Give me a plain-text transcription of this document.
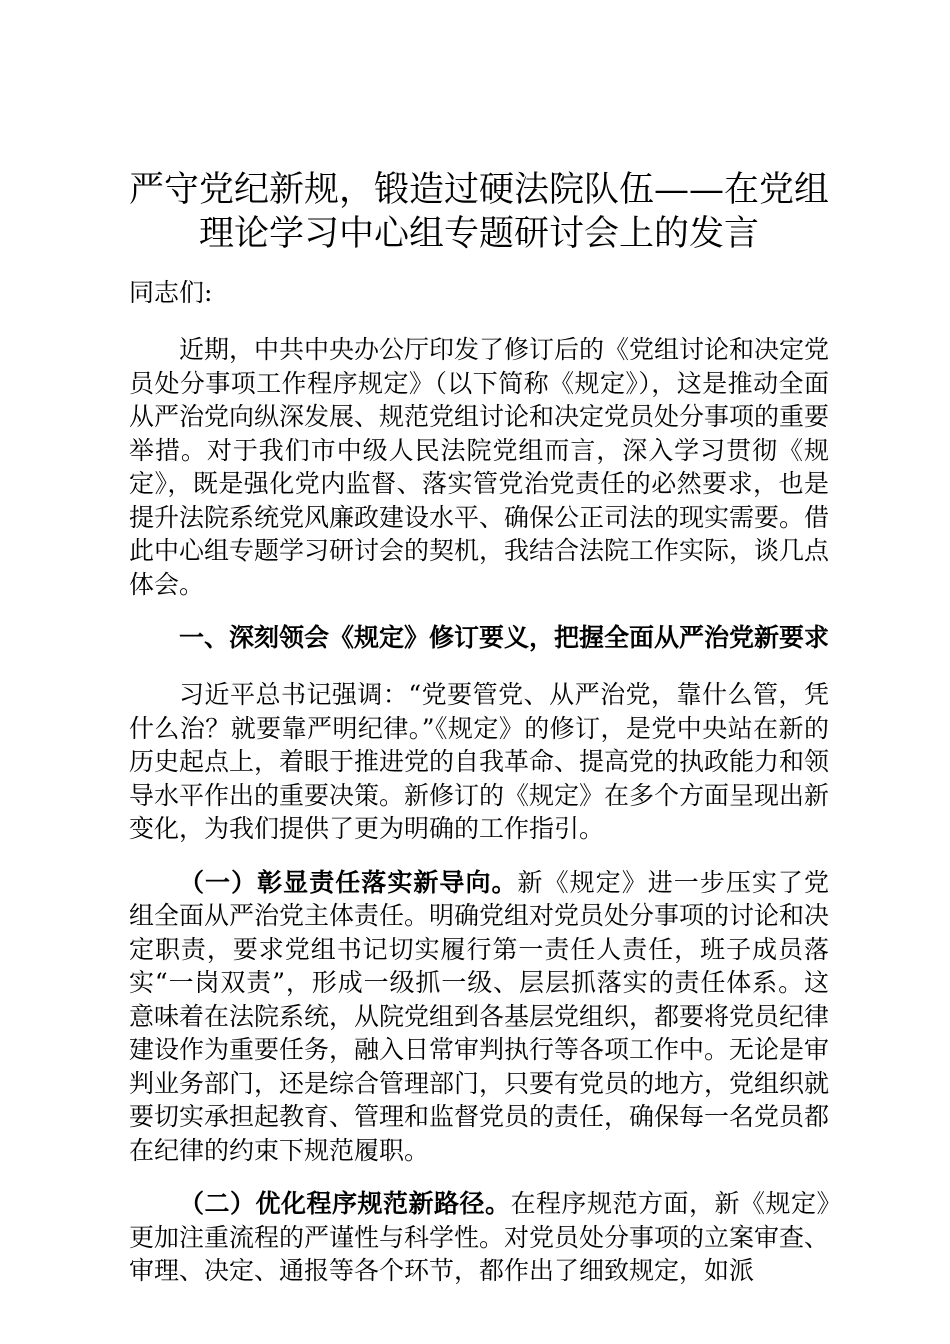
严守党纪新规，锻造过硬法院队伍——在党组
理论学习中心组专题研讨会上的发言
同志们:

近期，中共中央办公厅印发了修订后的《党组讨论和决定党员处分事项工作程序规定》（以下简称《规定》），这是推动全面从严治党向纵深发展、规范党组讨论和决定党员处分事项的重要举措。对于我们市中级人民法院党组而言，深入学习贯彻《规定》，既是强化党内监督、落实管党治党责任的必然要求，也是提升法院系统党风廉政建设水平、确保公正司法的现实需要。借此中心组专题学习研讨会的契机，我结合法院工作实际，谈几点体会。

一、深刻领会《规定》修订要义，把握全面从严治党新要求

习近平总书记强调：“党要管党、从严治党，靠什么管，凭什么治？就要靠严明纪律。”《规定》的修订，是党中央站在新的历史起点上，着眼于推进党的自我革命、提高党的执政能力和领导水平作出的重要决策。新修订的《规定》在多个方面呈现出新变化，为我们提供了更为明确的工作指引。

（一）彰显责任落实新导向。新《规定》进一步压实了党组全面从严治党主体责任。明确党组对党员处分事项的讨论和决定职责，要求党组书记切实履行第一责任人责任，班子成员落实“一岗双责”，形成一级抓一级、层层抓落实的责任体系。这意味着在法院系统，从院党组到各基层党组织，都要将党员纪律建设作为重要任务，融入日常审判执行等各项工作中。无论是审判业务部门，还是综合管理部门，只要有党员的地方，党组织就要切实承担起教育、管理和监督党员的责任，确保每一名党员都在纪律的约束下规范履职。

（二）优化程序规范新路径。在程序规范方面，新《规定》更加注重流程的严谨性与科学性。对党员处分事项的立案审查、审理、决定、通报等各个环节，都作出了细致规定，如派
